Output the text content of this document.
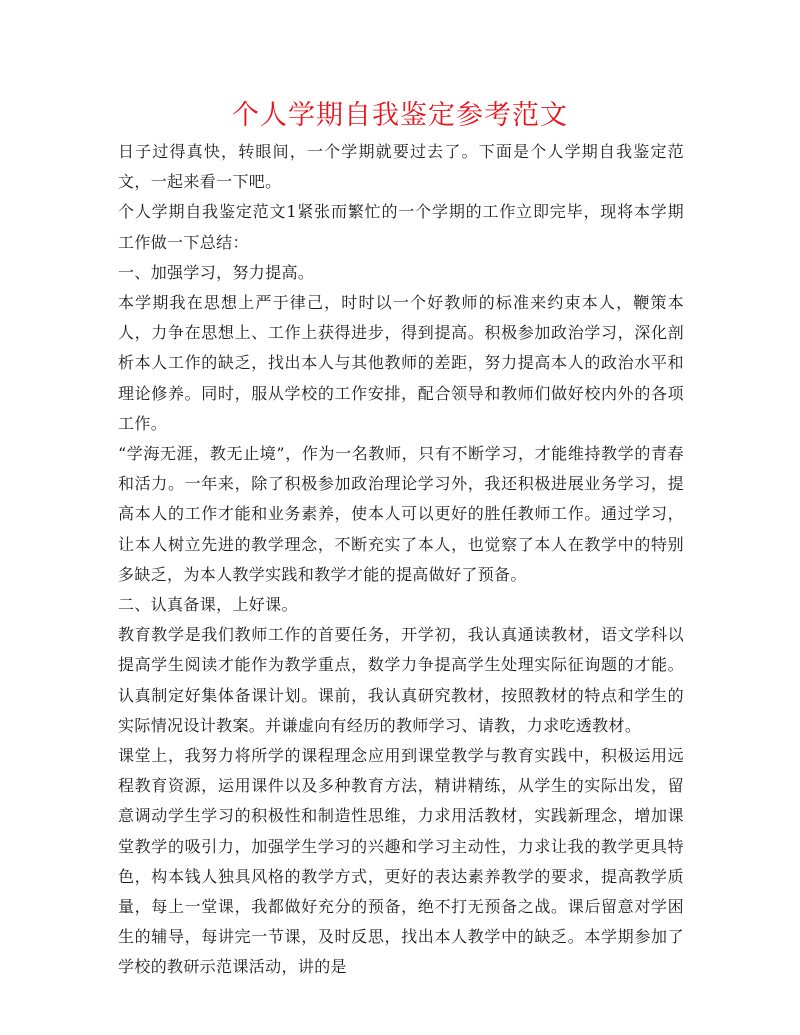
个人学期自我鉴定参考范文

日子过得真快，转眼间，一个学期就要过去了。下面是个人学期自我鉴定范文，一起来看一下吧。

个人学期自我鉴定范文1紧张而繁忙的一个学期的工作立即完毕，现将本学期工作做一下总结：

一、加强学习，努力提高。

本学期我在思想上严于律己，时时以一个好教师的标准来约束本人，鞭策本人，力争在思想上、工作上获得进步，得到提高。积极参加政治学习，深化剖析本人工作的缺乏，找出本人与其他教师的差距，努力提高本人的政治水平和理论修养。同时，服从学校的工作安排，配合领导和教师们做好校内外的各项工作。

“学海无涯，教无止境”，作为一名教师，只有不断学习，才能维持教学的青春和活力。一年来，除了积极参加政治理论学习外，我还积极进展业务学习，提高本人的工作才能和业务素养，使本人可以更好的胜任教师工作。通过学习，让本人树立先进的教学理念，不断充实了本人，也觉察了本人在教学中的特别多缺乏，为本人教学实践和教学才能的提高做好了预备。

二、认真备课，上好课。

教育教学是我们教师工作的首要任务，开学初，我认真通读教材，语文学科以提高学生阅读才能作为教学重点，数学力争提高学生处理实际征询题的才能。认真制定好集体备课计划。课前，我认真研究教材，按照教材的特点和学生的实际情况设计教案。并谦虚向有经历的教师学习、请教，力求吃透教材。

课堂上，我努力将所学的课程理念应用到课堂教学与教育实践中，积极运用远程教育资源，运用课件以及多种教育方法，精讲精练，从学生的实际出发，留意调动学生学习的积极性和制造性思维，力求用活教材，实践新理念，增加课堂教学的吸引力，加强学生学习的兴趣和学习主动性，力求让我的教学更具特色，构本钱人独具风格的教学方式，更好的表达素养教学的要求，提高教学质量，每上一堂课，我都做好充分的预备，绝不打无预备之战。课后留意对学困生的辅导，每讲完一节课，及时反思，找出本人教学中的缺乏。本学期参加了学校的教研示范课活动，讲的是
